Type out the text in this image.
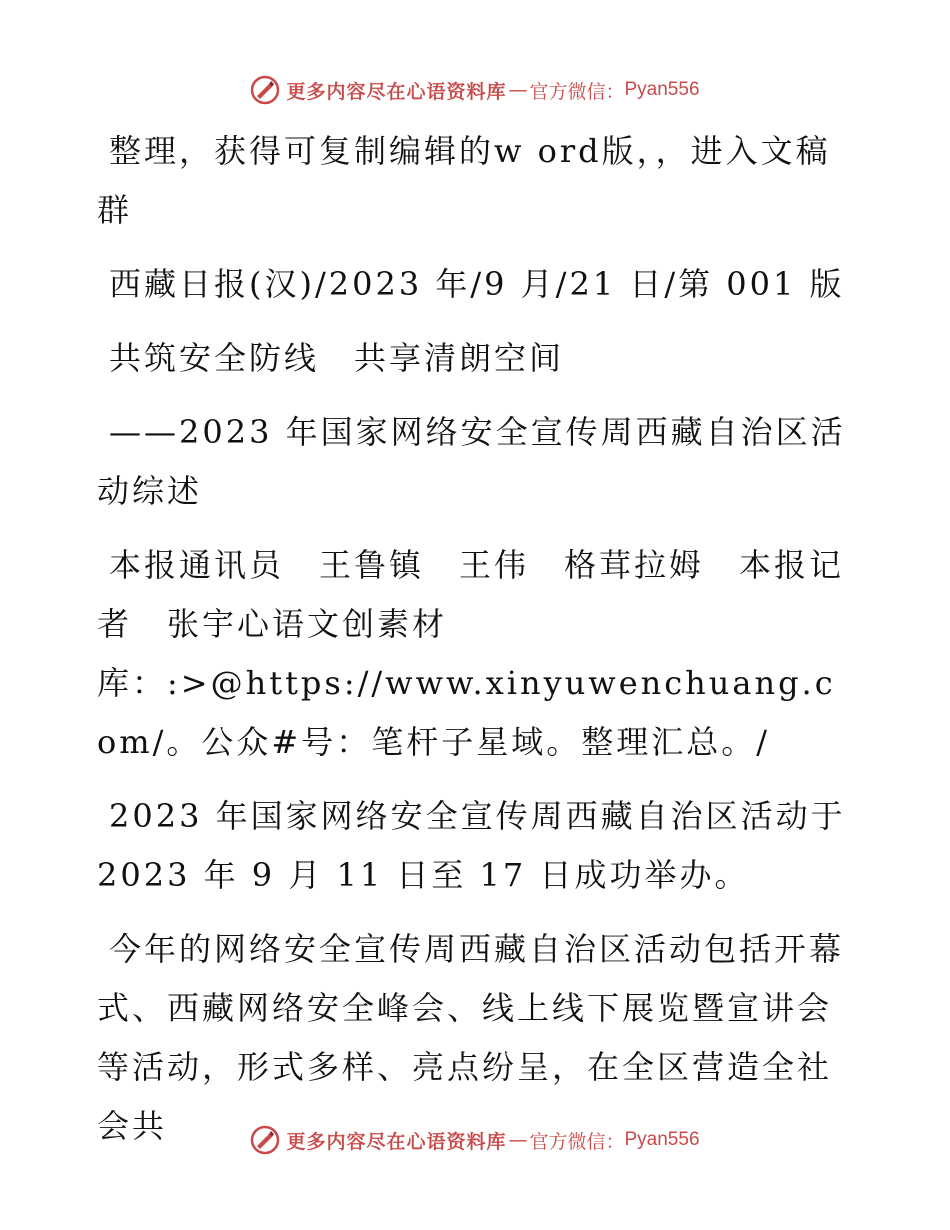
更多内容尽在心语资料库 — 官方微信： Pyan556

整理，获得可复制编辑的w ord版，，进入文稿群

西藏日报(汉)/2023 年/9 月/21 日/第 001 版

共筑安全防线　共享清朗空间

——2023 年国家网络安全宣传周西藏自治区活动综述

本报通讯员　王鲁镇　王伟　格茸拉姆　本报记者　张宇心语文创素材

库：:>@https://www.xinyuwenchuang.com/。公众#号：笔杆子星域。整理汇总。/

2023 年国家网络安全宣传周西藏自治区活动于2023 年 9 月 11 日至 17 日成功举办。

今年的网络安全宣传周西藏自治区活动包括开幕式、西藏网络安全峰会、线上线下展览暨宣讲会等活动，形式多样、亮点纷呈，在全区营造全社会共	更多内容尽在心语资料库 — 官方微信： Pyan556
